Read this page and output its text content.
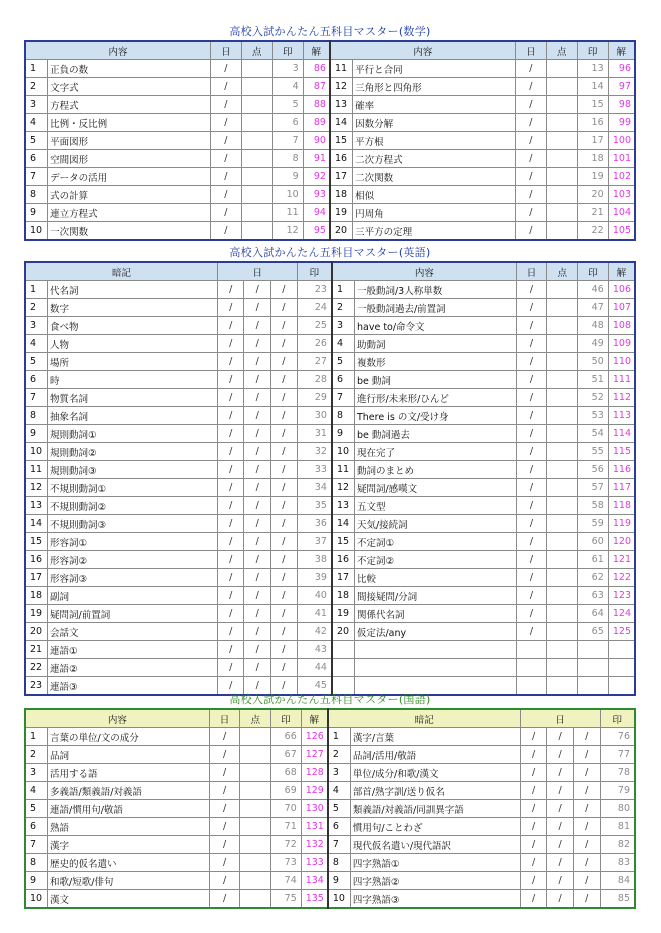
高校入試かんたん五科目マスター(数学)
内容		日	点	印	解	内容		日	点	印	解
1	正負の数	/		3	86	11	平行と合同	/		13	96
2	文字式	/		4	87	12	三角形と四角形	/		14	97
3	方程式	/		5	88	13	確率	/		15	98
4	比例・反比例	/		6	89	14	因数分解	/		16	99
5	平面図形	/		7	90	15	平方根	/		17	100
6	空間図形	/		8	91	16	二次方程式	/		18	101
7	データの活用	/		9	92	17	二次関数	/		19	102
8	式の計算	/		10	93	18	相似	/		20	103
9	連立方程式	/		11	94	19	円周角	/		21	104
10	一次関数	/		12	95	20	三平方の定理	/		22	105
高校入試かんたん五科目マスター(英語)
暗記		日			印	内容		日	点	印	解
1	代名詞	/	/	/	23	1	一般動詞/3人称単数	/		46	106
2	数字	/	/	/	24	2	一般動詞過去/前置詞	/		47	107
3	食べ物	/	/	/	25	3	have to/命令文	/		48	108
4	人物	/	/	/	26	4	助動詞	/		49	109
5	場所	/	/	/	27	5	複数形	/		50	110
6	時	/	/	/	28	6	be 動詞	/		51	111
7	物質名詞	/	/	/	29	7	進行形/未来形/ひんど	/		52	112
8	抽象名詞	/	/	/	30	8	There is の文/受け身	/		53	113
9	規則動詞①	/	/	/	31	9	be 動詞過去	/		54	114
10	規則動詞②	/	/	/	32	10	現在完了	/		55	115
11	規則動詞③	/	/	/	33	11	動詞のまとめ	/		56	116
12	不規則動詞①	/	/	/	34	12	疑問詞/感嘆文	/		57	117
13	不規則動詞②	/	/	/	35	13	五文型	/		58	118
14	不規則動詞③	/	/	/	36	14	天気/接続詞	/		59	119
15	形容詞①	/	/	/	37	15	不定詞①	/		60	120
16	形容詞②	/	/	/	38	16	不定詞②	/		61	121
17	形容詞③	/	/	/	39	17	比較	/		62	122
18	副詞	/	/	/	40	18	間接疑問/分詞	/		63	123
19	疑問詞/前置詞	/	/	/	41	19	関係代名詞	/		64	124
20	会話文	/	/	/	42	20	仮定法/any	/		65	125
21	連語①	/	/	/	43						
22	連語②	/	/	/	44						
23	連語③	/	/	/	45						
高校入試かんたん五科目マスター(国語)
内容		日	点	印	解	暗記		日			印
1	言葉の単位/文の成分	/		66	126	1	漢字/言葉	/	/	/	76
2	品詞	/		67	127	2	品詞/活用/敬語	/	/	/	77
3	活用する語	/		68	128	3	単位/成分/和歌/漢文	/	/	/	78
4	多義語/類義語/対義語	/		69	129	4	部首/熟字訓/送り仮名	/	/	/	79
5	連語/慣用句/敬語	/		70	130	5	類義語/対義語/同訓異字語	/	/	/	80
6	熟語	/		71	131	6	慣用句/ことわざ	/	/	/	81
7	漢字	/		72	132	7	現代仮名遣い/現代語訳	/	/	/	82
8	歴史的仮名遣い	/		73	133	8	四字熟語①	/	/	/	83
9	和歌/短歌/俳句	/		74	134	9	四字熟語②	/	/	/	84
10	漢文	/		75	135	10	四字熟語③	/	/	/	85
